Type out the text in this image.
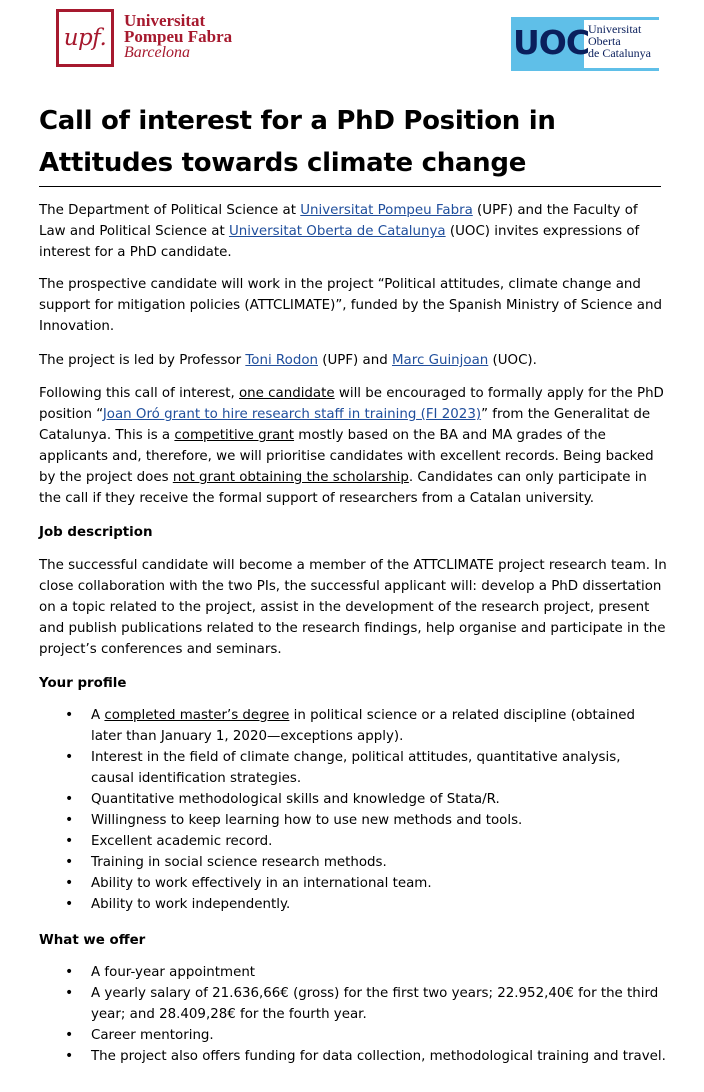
upf.
Universitat
Pompeu Fabra
Barcelona	UOC
Universitat
Oberta
de Catalunya
Call of interest for a PhD Position in Attitudes towards climate change

The Department of Political Science at Universitat Pompeu Fabra (UPF) and the Faculty of Law and Political Science at Universitat Oberta de Catalunya (UOC) invites expressions of interest for a PhD candidate.

The prospective candidate will work in the project “Political attitudes, climate change and support for mitigation policies (ATTCLIMATE)”, funded by the Spanish Ministry of Science and Innovation.

The project is led by Professor Toni Rodon (UPF) and Marc Guinjoan (UOC).

Following this call of interest, one candidate will be encouraged to formally apply for the PhD position “Joan Oró grant to hire research staff in training (FI 2023)” from the Generalitat de Catalunya. This is a competitive grant mostly based on the BA and MA grades of the applicants and, therefore, we will prioritise candidates with excellent records. Being backed by the project does not grant obtaining the scholarship. Candidates can only participate in the call if they receive the formal support of researchers from a Catalan university.

Job description

The successful candidate will become a member of the ATTCLIMATE project research team. In close collaboration with the two PIs, the successful applicant will: develop a PhD dissertation on a topic related to the project, assist in the development of the research project, present and publish publications related to the research findings, help organise and participate in the project’s conferences and seminars.

Your profile
• A completed master’s degree in political science or a related discipline (obtained later than January 1, 2020—exceptions apply).
• Interest in the field of climate change, political attitudes, quantitative analysis, causal identification strategies.
• Quantitative methodological skills and knowledge of Stata/R.
• Willingness to keep learning how to use new methods and tools.
• Excellent academic record.
• Training in social science research methods.
• Ability to work effectively in an international team.
• Ability to work independently.
What we offer
• A four-year appointment
• A yearly salary of 21.636,66€ (gross) for the first two years; 22.952,40€ for the third year; and 28.409,28€ for the fourth year.
• Career mentoring.
• The project also offers funding for data collection, methodological training and travel.
